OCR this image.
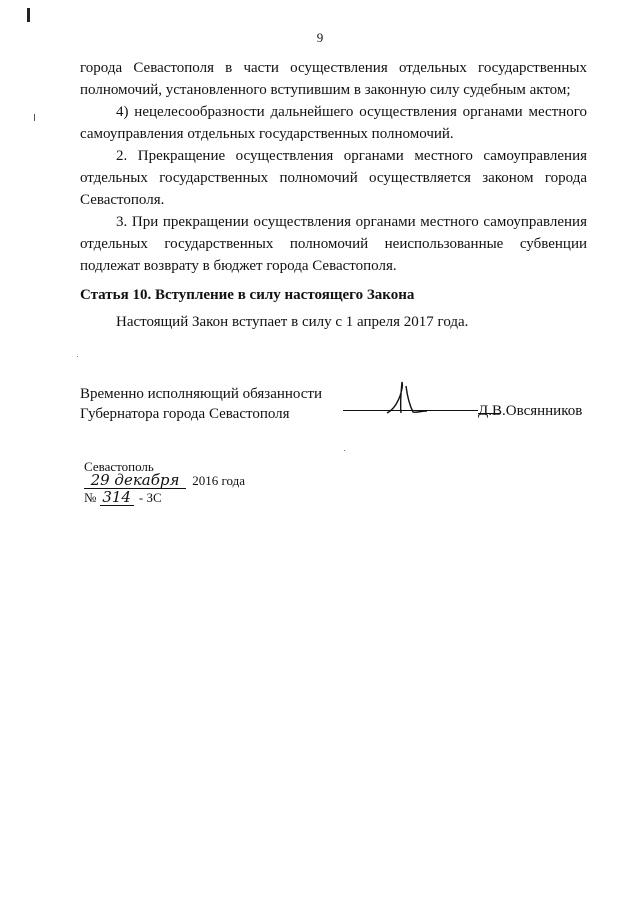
9

города Севастополя в части осуществления отдельных государственных полномочий, установленного вступившим в законную силу судебным актом;

4) нецелесообразности дальнейшего осуществления органами местного самоуправления отдельных государственных полномочий.

2. Прекращение осуществления органами местного самоуправления отдельных государственных полномочий осуществляется законом города Севастополя.

3. При прекращении осуществления органами местного самоуправления отдельных государственных полномочий неиспользованные субвенции подлежат возврату в бюджет города Севастополя.

Статья 10. Вступление в силу настоящего Закона
Настоящий Закон вступает в силу с 1 апреля 2017 года.
Временно исполняющий обязанности
Губернатора города Севастополя	Д.В.Овсянников
Севастополь
29 декабря 2016 года
№ 314 - ЗС
